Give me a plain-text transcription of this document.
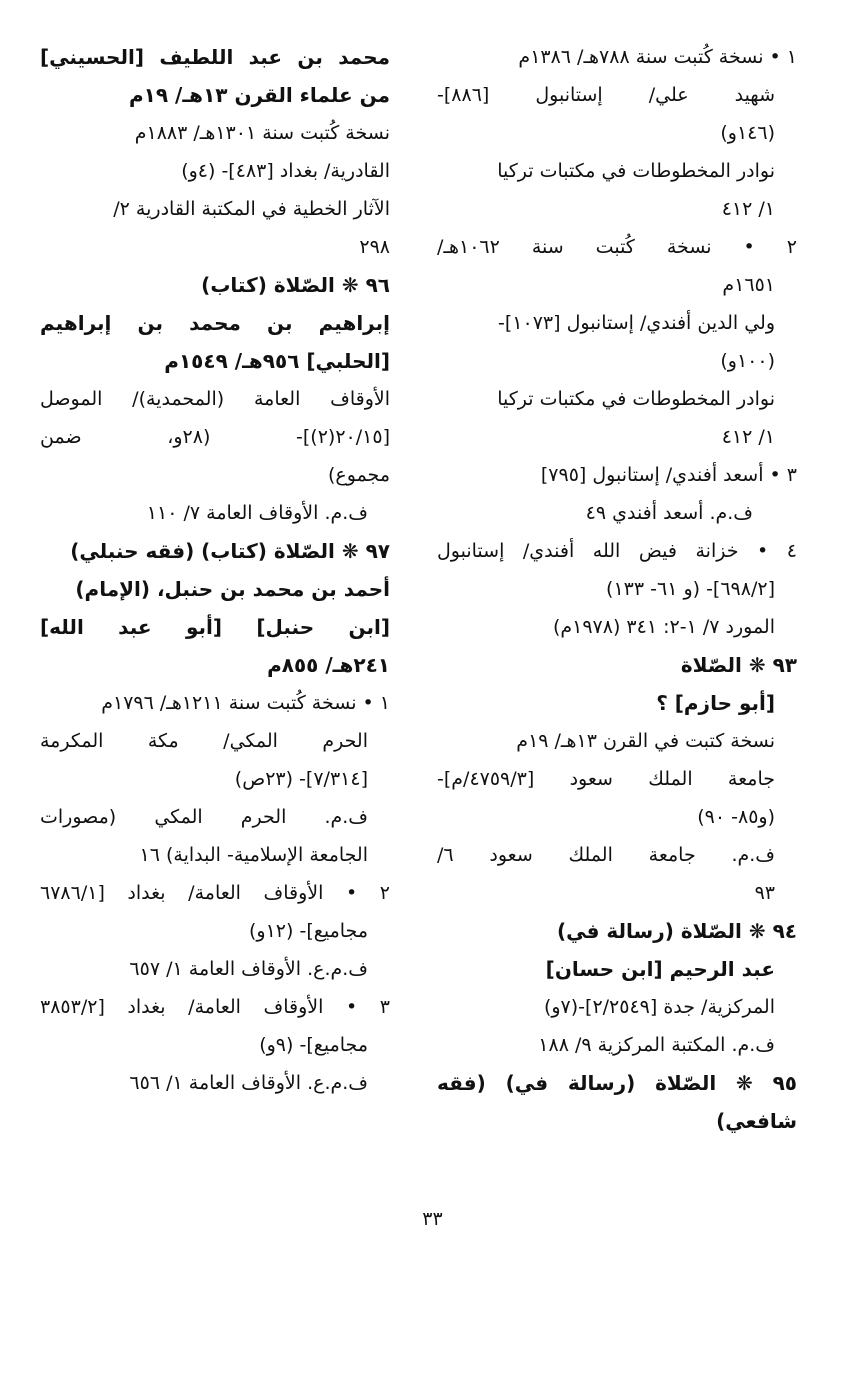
١ • نسخة كُتبت سنة ٧٨٨هـ/ ١٣٨٦م
شهيد علي/ إستانبول [٨٨٦]-
(١٤٦و)
نوادر المخطوطات في مكتبات تركيا
١/ ٤١٢
٢ • نسخة كُتبت سنة ١٠٦٢هـ/
١٦٥١م
ولي الدين أفندي/ إستانبول [١٠٧٣]-
(١٠٠و)
نوادر المخطوطات في مكتبات تركيا
١/ ٤١٢
٣ • أسعد أفندي/ إستانبول [٧٩٥]
ف.م. أسعد أفندي ٤٩
٤ • خزانة فيض الله أفندي/ إستانبول
[٦٩٨/٢]- (و ٦١- ١٣٣)
المورد ٧/ ١-٢: ٣٤١ (١٩٧٨م)
٩٣ ❋ الصّلاة
[أبو حازم] ؟
نسخة كتبت في القرن ١٣هـ/ ١٩م
جامعة الملك سعود [٤٧٥٩/٣/م]-
(و٨٥- ٩٠)
ف.م. جامعة الملك سعود ٦/
٩٣
٩٤ ❋ الصّلاة (رسالة في)
عبد الرحيم [ابن حسان]
المركزية/ جدة [٢/٢٥٤٩]-(٧و)
ف.م. المكتبة المركزية ٩/ ١٨٨
٩٥ ❋ الصّلاة (رسالة في) (فقه
شافعي)
محمد بن عبد اللطيف [الحسيني]
من علماء القرن ١٣هـ/ ١٩م
نسخة كُتبت سنة ١٣٠١هـ/ ١٨٨٣م
القادرية/ بغداد [٤٨٣]- (٤و)
الآثار الخطية في المكتبة القادرية ٢/
٢٩٨
٩٦ ❋ الصّلاة (كتاب)
إبراهيم بن محمد بن إبراهيم
[الحلبي] ٩٥٦هـ/ ١٥٤٩م
الأوقاف العامة (المحمدية)/ الموصل
[٢٠/١٥(٢)]- (٢٨و، ضمن
مجموع)
ف.م. الأوقاف العامة ٧/ ١١٠
٩٧ ❋ الصّلاة (كتاب) (فقه حنبلي)
أحمد بن محمد بن حنبل، (الإمام)
[ابن حنبل] [أبو عبد الله]
٢٤١هـ/ ٨٥٥م
١ • نسخة كُتبت سنة ١٢١١هـ/ ١٧٩٦م
الحرم المكي/ مكة المكرمة
[٧/٣١٤]- (٢٣ص)
ف.م. الحرم المكي (مصورات
الجامعة الإسلامية- البداية) ١٦
٢ • الأوقاف العامة/ بغداد [٦٧٨٦/١
مجاميع]- (١٢و)
ف.م.ع. الأوقاف العامة ١/ ٦٥٧
٣ • الأوقاف العامة/ بغداد [٣٨٥٣/٢
مجاميع]- (٩و)
ف.م.ع. الأوقاف العامة ١/ ٦٥٦
٣٣
